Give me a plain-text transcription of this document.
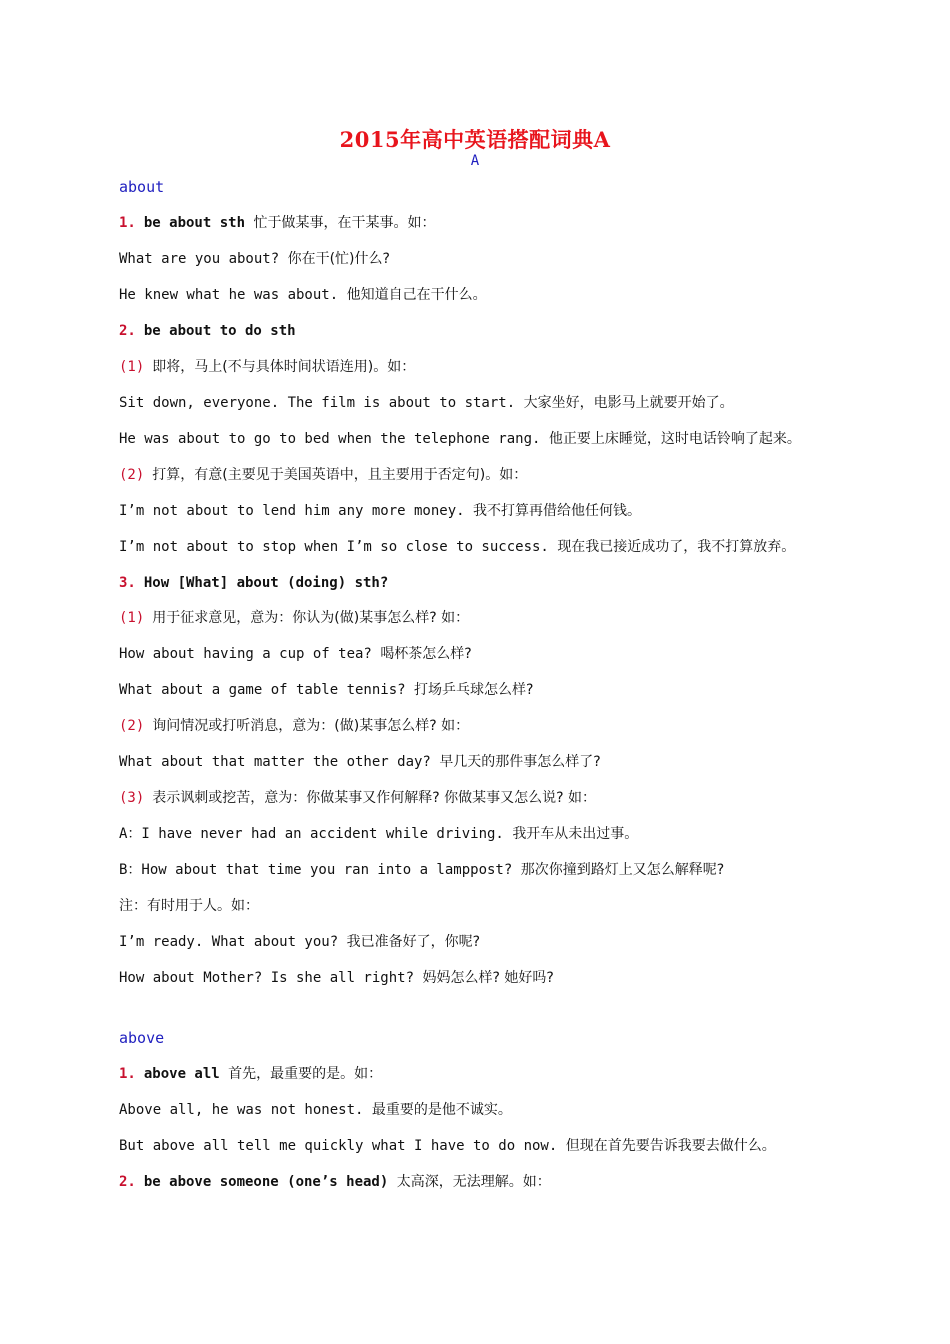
2015年高中英语搭配词典A
A
about
1. be about sth 忙于做某事，在干某事。如：
What are you about? 你在干(忙)什么?
He knew what he was about. 他知道自己在干什么。
2. be about to do sth
(1) 即将，马上(不与具体时间状语连用)。如：
Sit down, everyone. The film is about to start. 大家坐好，电影马上就要开始了。
He was about to go to bed when the telephone rang. 他正要上床睡觉，这时电话铃响了起来。
(2) 打算，有意(主要见于美国英语中，且主要用于否定句)。如：
I’m not about to lend him any more money. 我不打算再借给他任何钱。
I’m not about to stop when I’m so close to success. 现在我已接近成功了，我不打算放弃。
3. How [What] about (doing) sth?
(1) 用于征求意见，意为：你认为(做)某事怎么样? 如：
How about having a cup of tea? 喝杯茶怎么样?
What about a game of table tennis? 打场乒乓球怎么样?
(2) 询问情况或打听消息，意为：(做)某事怎么样? 如：
What about that matter the other day? 早几天的那件事怎么样了?
(3) 表示讽刺或挖苦，意为：你做某事又作何解释? 你做某事又怎么说? 如：
A：I have never had an accident while driving. 我开车从未出过事。
B：How about that time you ran into a lamppost? 那次你撞到路灯上又怎么解释呢?
注：有时用于人。如：
I’m ready. What about you? 我已准备好了，你呢?
How about Mother? Is she all right? 妈妈怎么样? 她好吗?
above
1. above all 首先，最重要的是。如：
Above all, he was not honest. 最重要的是他不诚实。
But above all tell me quickly what I have to do now. 但现在首先要告诉我要去做什么。
2. be above someone (one’s head) 太高深，无法理解。如：
